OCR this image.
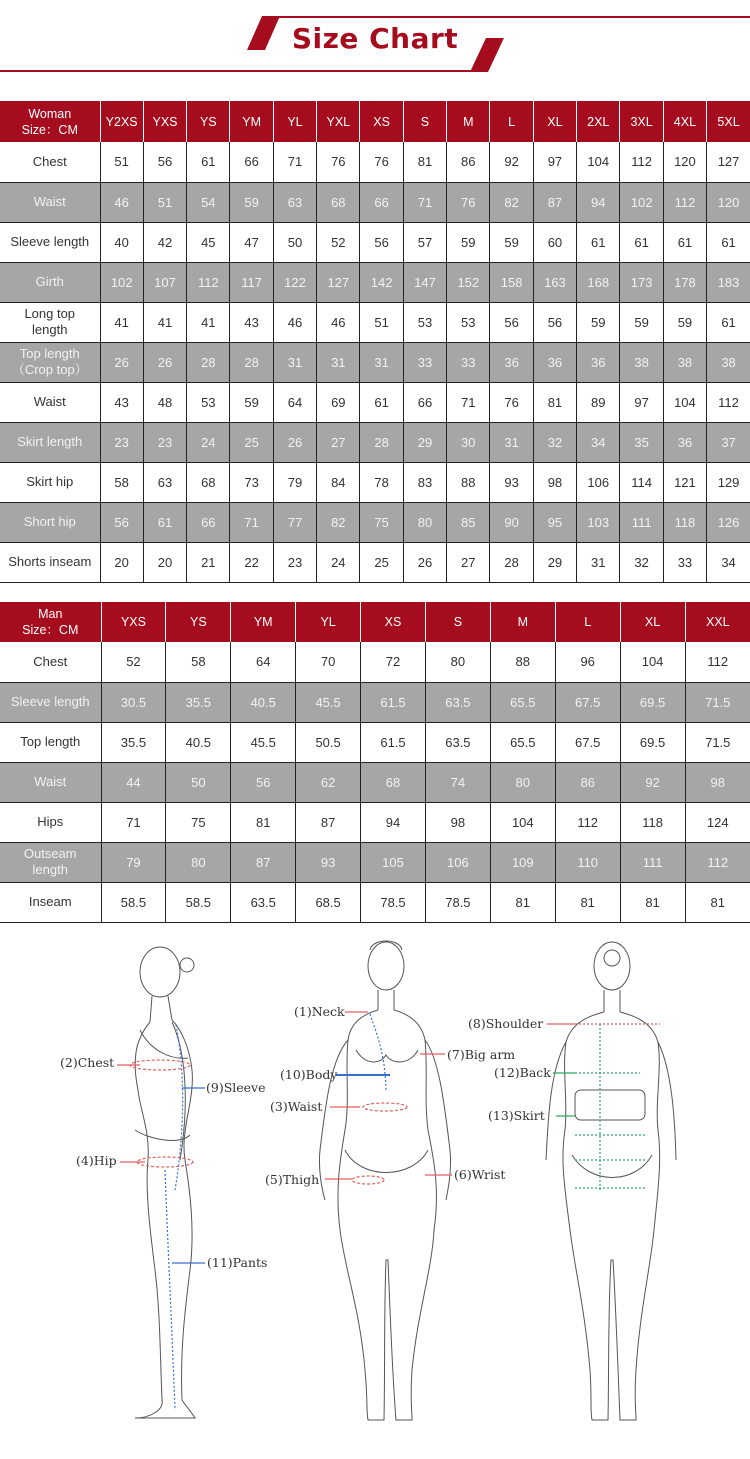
Size Chart
Woman
Size：CM	Y2XS	YXS	YS	YM	YL	YXL	XS	S	M	L	XL	2XL	3XL	4XL	5XL

Chest	51	56	61	66	71	76	76	81	86	92	97	104	112	120	127

Waist	46	51	54	59	63	68	66	71	76	82	87	94	102	112	120

Sleeve length	40	42	45	47	50	52	56	57	59	59	60	61	61	61	61

Girth	102	107	112	117	122	127	142	147	152	158	163	168	173	178	183

Long top
length	41	41	41	43	46	46	51	53	53	56	56	59	59	59	61

Top length
（Crop top）	26	26	28	28	31	31	31	33	33	36	36	36	38	38	38

Waist	43	48	53	59	64	69	61	66	71	76	81	89	97	104	112

Skirt length	23	23	24	25	26	27	28	29	30	31	32	34	35	36	37

Skirt hip	58	63	68	73	79	84	78	83	88	93	98	106	114	121	129

Short hip	56	61	66	71	77	82	75	80	85	90	95	103	111	118	126

Shorts inseam	20	20	21	22	23	24	25	26	27	28	29	31	32	33	34
Man
Size：CM	YXS	YS	YM	YL	XS	S	M	L	XL	XXL

Chest	52	58	64	70	72	80	88	96	104	112

Sleeve length	30.5	35.5	40.5	45.5	61.5	63.5	65.5	67.5	69.5	71.5

Top length	35.5	40.5	45.5	50.5	61.5	63.5	65.5	67.5	69.5	71.5

Waist	44	50	56	62	68	74	80	86	92	98

Hips	71	75	81	87	94	98	104	112	118	124

Outseam
length	79	80	87	93	105	106	109	110	111	112

Inseam	58.5	58.5	63.5	68.5	78.5	78.5	81	81	81	81
(2)Chest
(9)Sleeve
(4)Hip
(11)Pants
(1)Neck
(10)Body
(3)Waist
(5)Thigh
(7)Big arm
(6)Wrist
(8)Shoulder
(12)Back
(13)Skirt
